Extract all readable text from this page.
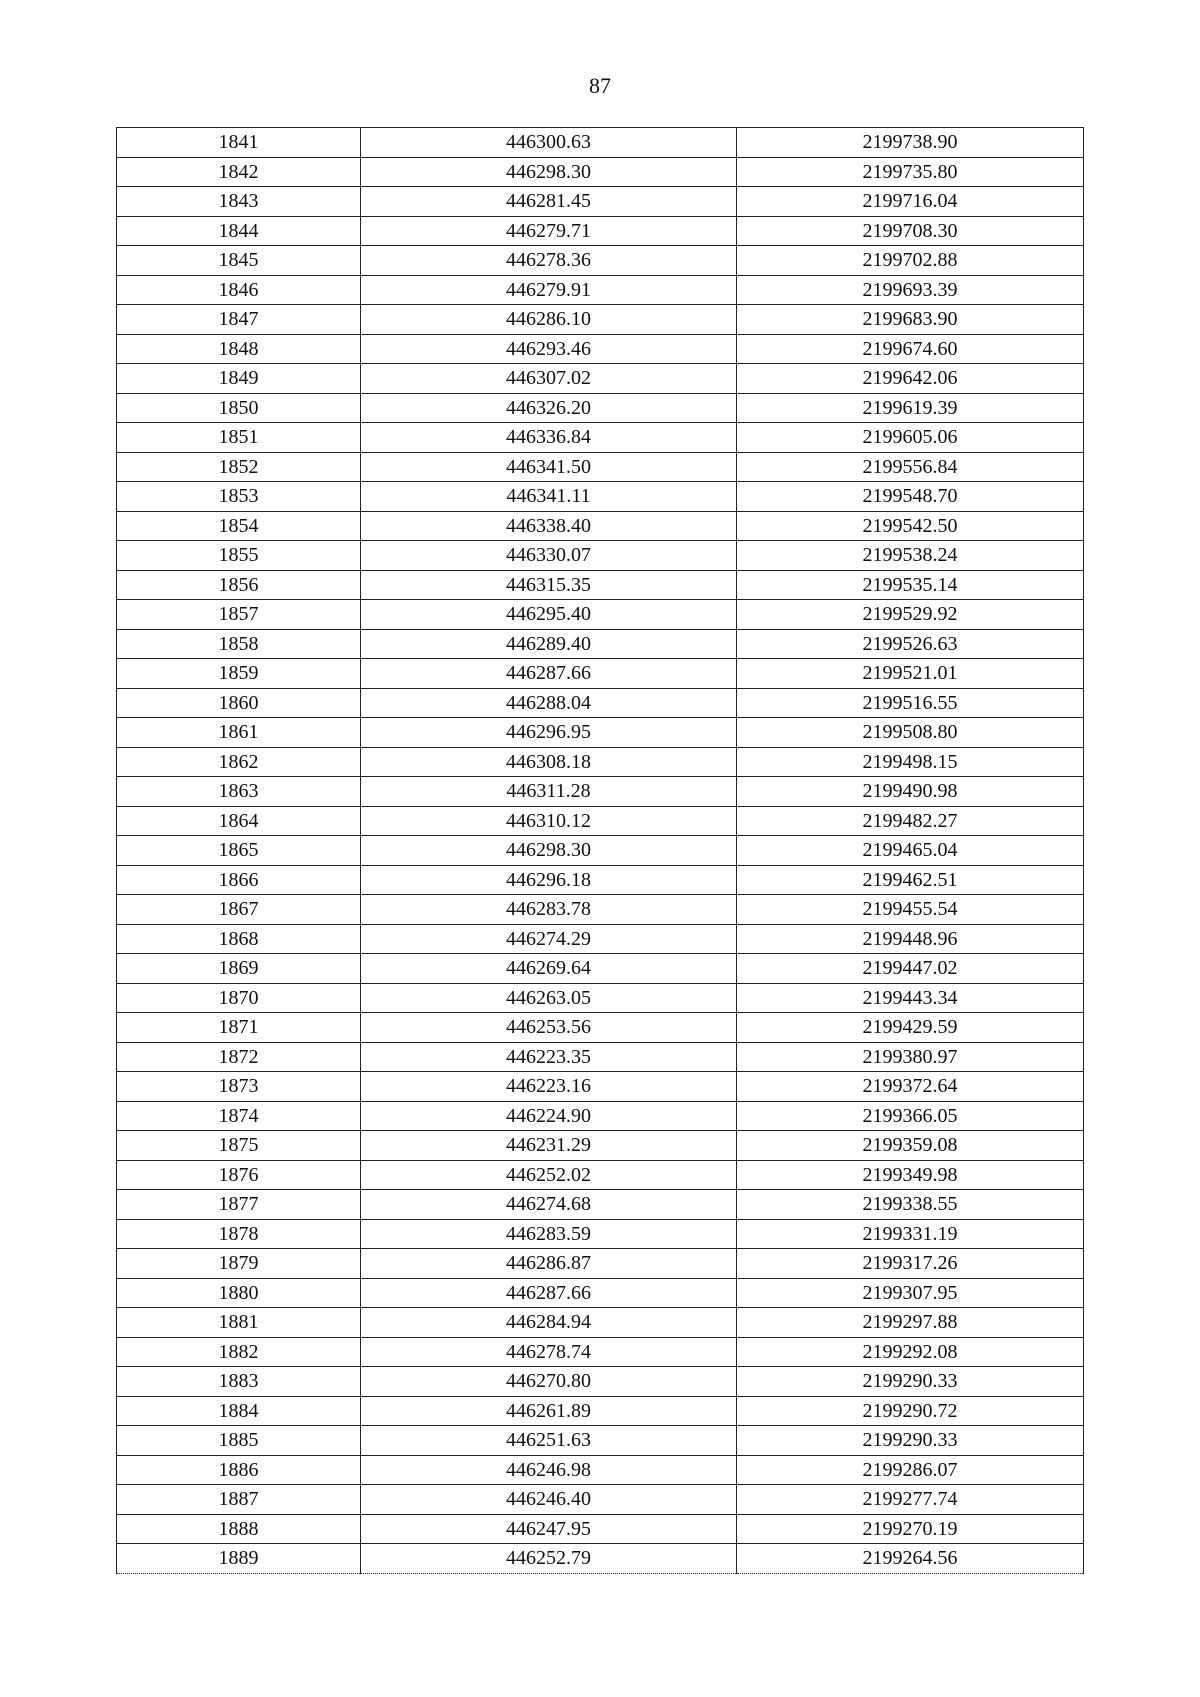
87
1841	446300.63	2199738.90
1842	446298.30	2199735.80
1843	446281.45	2199716.04
1844	446279.71	2199708.30
1845	446278.36	2199702.88
1846	446279.91	2199693.39
1847	446286.10	2199683.90
1848	446293.46	2199674.60
1849	446307.02	2199642.06
1850	446326.20	2199619.39
1851	446336.84	2199605.06
1852	446341.50	2199556.84
1853	446341.11	2199548.70
1854	446338.40	2199542.50
1855	446330.07	2199538.24
1856	446315.35	2199535.14
1857	446295.40	2199529.92
1858	446289.40	2199526.63
1859	446287.66	2199521.01
1860	446288.04	2199516.55
1861	446296.95	2199508.80
1862	446308.18	2199498.15
1863	446311.28	2199490.98
1864	446310.12	2199482.27
1865	446298.30	2199465.04
1866	446296.18	2199462.51
1867	446283.78	2199455.54
1868	446274.29	2199448.96
1869	446269.64	2199447.02
1870	446263.05	2199443.34
1871	446253.56	2199429.59
1872	446223.35	2199380.97
1873	446223.16	2199372.64
1874	446224.90	2199366.05
1875	446231.29	2199359.08
1876	446252.02	2199349.98
1877	446274.68	2199338.55
1878	446283.59	2199331.19
1879	446286.87	2199317.26
1880	446287.66	2199307.95
1881	446284.94	2199297.88
1882	446278.74	2199292.08
1883	446270.80	2199290.33
1884	446261.89	2199290.72
1885	446251.63	2199290.33
1886	446246.98	2199286.07
1887	446246.40	2199277.74
1888	446247.95	2199270.19
1889	446252.79	2199264.56
